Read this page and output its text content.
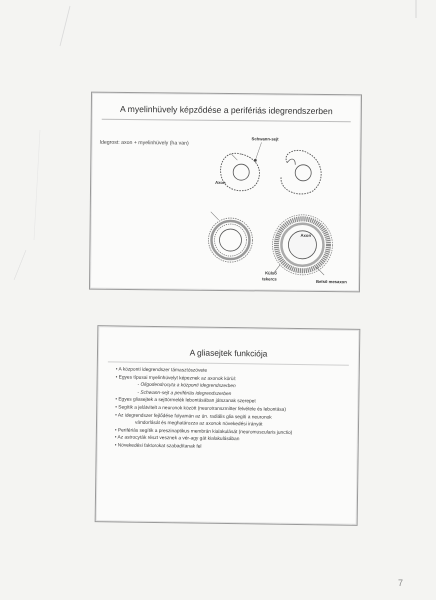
A myelinhüvely képződése a perifériás idegrendszerben
Idegrost: axon + myelinhüvely (ha van)
Schwann-sejt
Axon
Axon
Külső
tekercs	Belső mesaxon
A gliasejtek funkciója
• A központi idegrendszer támasztószövete
• Egyes típusai myelinhüvelyt képeznek az axonok körül:
- Oligodendrocyta a központi idegrendszerben
- Schwann-sejt a perifériás idegrendszerben
• Egyes gliasejtek a sejttörmelék lebontásában játszanak szerepet
• Segítik a jelátvitelt a neuronok között (neurotranszmitter felvétele és lebontása)
• Az idegrendszer fejlődése folyamán az ún. radiális glia segíti a neuronok
vándorlását és meghatározza az axonok növekedési irányát
• Perifériás segítik a preszinaptikus membrán kialakulását (neuromuscularis junctio)
• Az astrocyták részt vesznek a vér-agy gát kialakulásában
• Növekedési faktorokat szabadítanak fel
7
